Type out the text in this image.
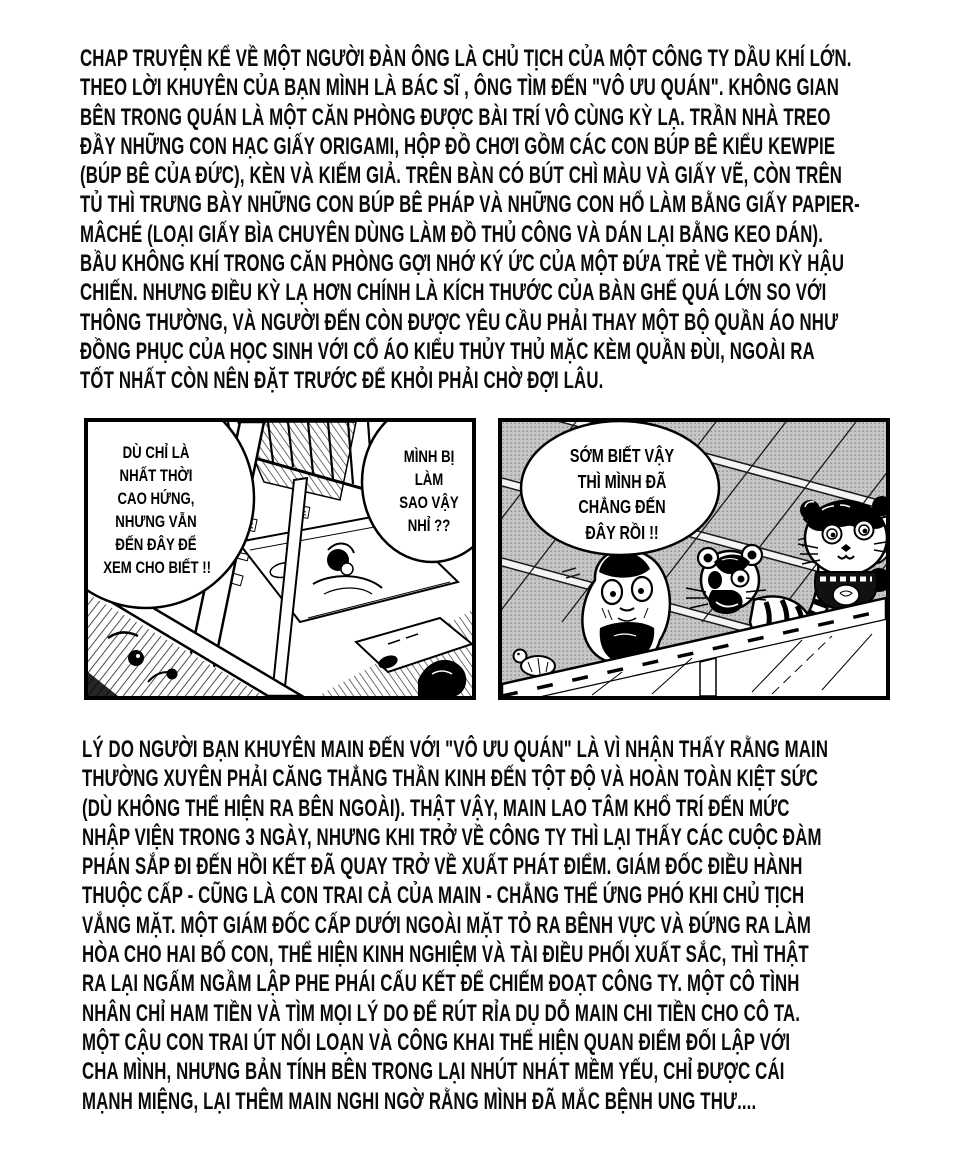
CHAP TRUYỆN KỂ VỀ MỘT NGƯỜI ĐÀN ÔNG LÀ CHỦ TỊCH CỦA MỘT CÔNG TY DẦU KHÍ LỚN.
THEO LỜI KHUYÊN CỦA BẠN MÌNH LÀ BÁC SĨ , ÔNG TÌM ĐẾN "VÔ ƯU QUÁN". KHÔNG GIAN
BÊN TRONG QUÁN LÀ MỘT CĂN PHÒNG ĐƯỢC BÀI TRÍ VÔ CÙNG KỲ LẠ. TRẦN NHÀ TREO
ĐẦY NHỮNG CON HẠC GIẤY ORIGAMI, HỘP ĐỒ CHƠI GỒM CÁC CON BÚP BÊ KIỂU KEWPIE
(BÚP BÊ CỦA ĐỨC), KÈN VÀ KIẾM GIẢ. TRÊN BÀN CÓ BÚT CHÌ MÀU VÀ GIẤY VẼ, CÒN TRÊN
TỦ THÌ TRƯNG BÀY NHỮNG CON BÚP BÊ PHÁP VÀ NHỮNG CON HỔ LÀM BẰNG GIẤY PAPIER-
MÂCHÉ (LOẠI GIẤY BÌA CHUYÊN DÙNG LÀM ĐỒ THỦ CÔNG VÀ DÁN LẠI BẰNG KEO DÁN).
BẦU KHÔNG KHÍ TRONG CĂN PHÒNG GỢI NHỚ KÝ ỨC CỦA MỘT ĐỨA TRẺ VỀ THỜI KỲ HẬU
CHIẾN. NHƯNG ĐIỀU KỲ LẠ HƠN CHÍNH LÀ KÍCH THƯỚC CỦA BÀN GHẾ QUÁ LỚN SO VỚI
THÔNG THƯỜNG, VÀ NGƯỜI ĐẾN CÒN ĐƯỢC YÊU CẦU PHẢI THAY MỘT BỘ QUẦN ÁO NHƯ
ĐỒNG PHỤC CỦA HỌC SINH VỚI CỔ ÁO KIỂU THỦY THỦ MẶC KÈM QUẦN ĐÙI, NGOÀI RA
TỐT NHẤT CÒN NÊN ĐẶT TRƯỚC ĐỂ KHỎI PHẢI CHỜ ĐỢI LÂU.
DÙ CHỈ LÀ
NHẤT THỜI
CAO HỨNG,
NHƯNG VẪN
ĐẾN ĐÂY ĐỂ
XEM CHO BIẾT !!
MÌNH BỊ
LÀM
SAO VẬY
NHỈ ??
SỚM BIẾT VẬY
THÌ MÌNH ĐÃ
CHẲNG ĐẾN
ĐÂY RỒI !!
LÝ DO NGƯỜI BẠN KHUYÊN MAIN ĐẾN VỚI "VÔ ƯU QUÁN" LÀ VÌ NHẬN THẤY RẰNG MAIN
THƯỜNG XUYÊN PHẢI CĂNG THẲNG THẦN KINH ĐẾN TỘT ĐỘ VÀ HOÀN TOÀN KIỆT SỨC
(DÙ KHÔNG THỂ HIỆN RA BÊN NGOÀI). THẬT VẬY, MAIN LAO TÂM KHỔ TRÍ ĐẾN MỨC
NHẬP VIỆN TRONG 3 NGÀY, NHƯNG KHI TRỞ VỀ CÔNG TY THÌ LẠI THẤY CÁC CUỘC ĐÀM
PHÁN SẮP ĐI ĐẾN HỒI KẾT ĐÃ QUAY TRỞ VỀ XUẤT PHÁT ĐIỂM. GIÁM ĐỐC ĐIỀU HÀNH
THUỘC CẤP - CŨNG LÀ CON TRAI CẢ CỦA MAIN - CHẲNG THỂ ỨNG PHÓ KHI CHỦ TỊCH
VẮNG MẶT. MỘT GIÁM ĐỐC CẤP DƯỚI NGOÀI MẶT TỎ RA BÊNH VỰC VÀ ĐỨNG RA LÀM
HÒA CHO HAI BỐ CON, THỂ HIỆN KINH NGHIỆM VÀ TÀI ĐIỀU PHỐI XUẤT SẮC, THÌ THẬT
RA LẠI NGẤM NGẦM LẬP PHE PHÁI CẤU KẾT ĐỂ CHIẾM ĐOẠT CÔNG TY. MỘT CÔ TÌNH
NHÂN CHỈ HAM TIỀN VÀ TÌM MỌI LÝ DO ĐỂ RÚT RỈA DỤ DỖ MAIN CHI TIỀN CHO CÔ TA.
MỘT CẬU CON TRAI ÚT NỔI LOẠN VÀ CÔNG KHAI THỂ HIỆN QUAN ĐIỂM ĐỐI LẬP VỚI
CHA MÌNH, NHƯNG BẢN TÍNH BÊN TRONG LẠI NHÚT NHÁT MỀM YẾU, CHỈ ĐƯỢC CÁI
MẠNH MIỆNG, LẠI THÊM MAIN NGHI NGỜ RẰNG MÌNH ĐÃ MẮC BỆNH UNG THƯ....
